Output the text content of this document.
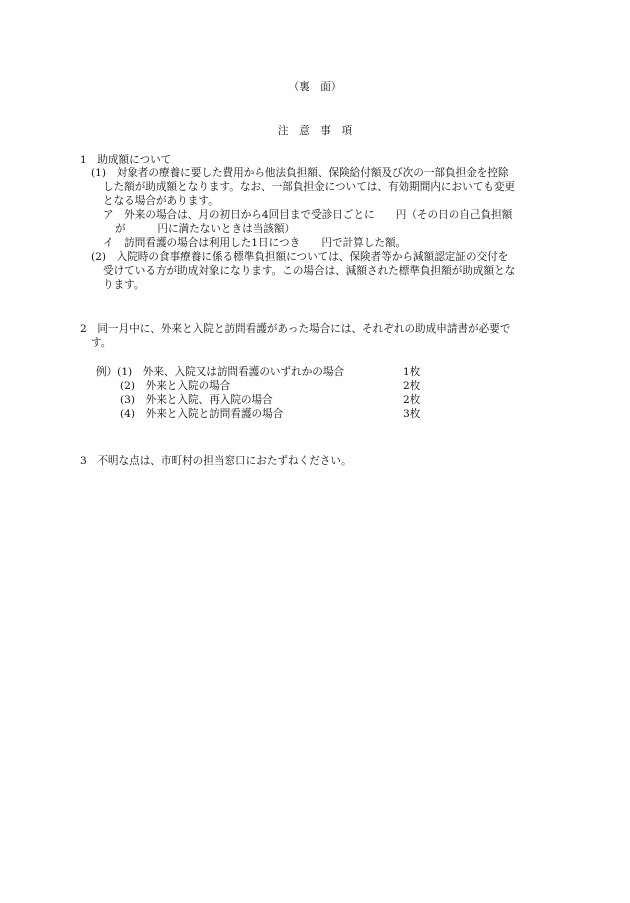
（裏　面）
注　意　事　項
1　助成額について
(1)　対象者の療養に要した費用から他法負担額、保険給付額及び次の一部負担金を控除
した額が助成額となります。なお、一部負担金については、有効期間内においても変更
となる場合があります。
ア　外来の場合は、月の初日から4回目まで受診日ごとに　　円（その日の自己負担額
が　　　円に満たないときは当該額）
イ　訪問看護の場合は利用した1日につき　　円で計算した額。
(2)　入院時の食事療養に係る標準負担額については、保険者等から減額認定証の交付を
受けている方が助成対象になります。この場合は、減額された標準負担額が助成額とな
ります。
2　同一月中に、外来と入院と訪問看護があった場合には、それぞれの助成申請書が必要で
す。
例）(1)　外来、入院又は訪問看護のいずれかの場合	1枚
(2)　外来と入院の場合	2枚
(3)　外来と入院、再入院の場合	2枚
(4)　外来と入院と訪問看護の場合	3枚
3　不明な点は、市町村の担当窓口におたずねください。
